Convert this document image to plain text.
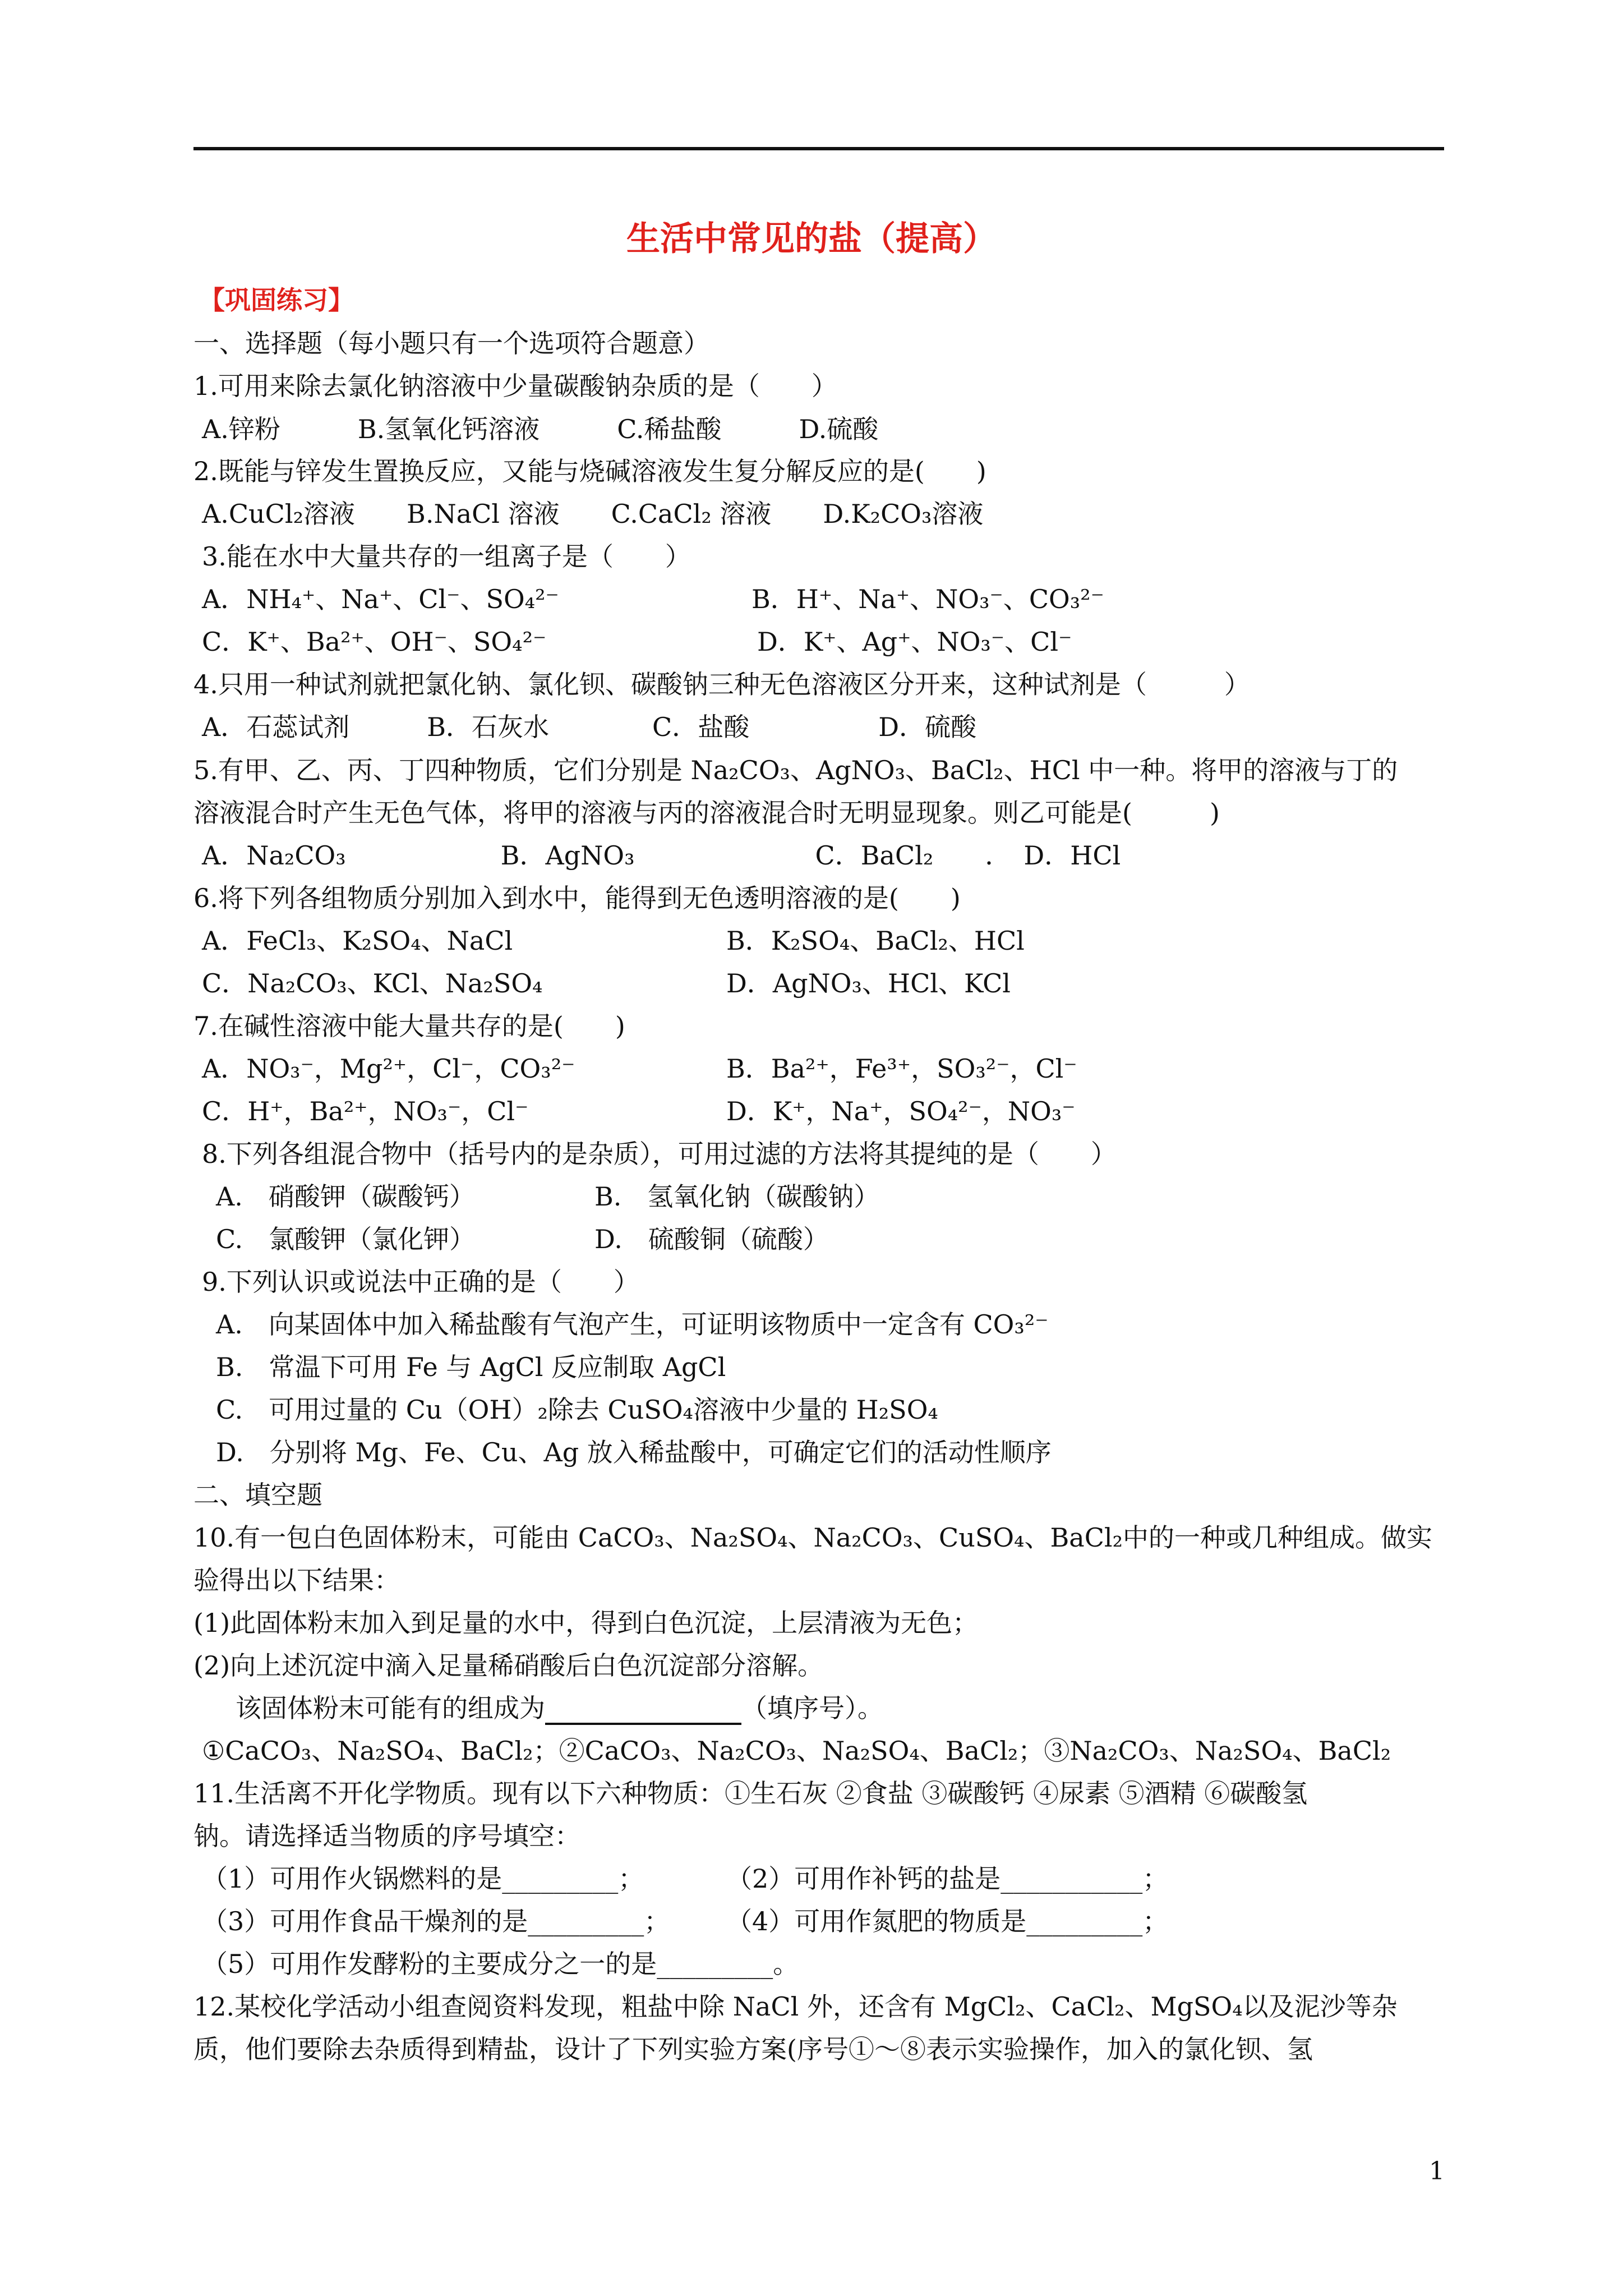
生活中常见的盐（提高）
【巩固练习】
一、选择题（每小题只有一个选项符合题意）
1.可用来除去氯化钠溶液中少量碳酸钠杂质的是（　　）
A.锌粉　　　B.氢氧化钙溶液　　　C.稀盐酸　　　D.硫酸
2.既能与锌发生置换反应，又能与烧碱溶液发生复分解反应的是(　　)
A.CuCl₂溶液　　B.NaCl 溶液　　C.CaCl₂ 溶液　　D.K₂CO₃溶液
3.能在水中大量共存的一组离子是（　　）
A．NH₄⁺、Na⁺、Cl⁻、SO₄²⁻	B．H⁺、Na⁺、NO₃⁻、CO₃²⁻
C．K⁺、Ba²⁺、OH⁻、SO₄²⁻	D．K⁺、Ag⁺、NO₃⁻、Cl⁻
4.只用一种试剂就把氯化钠、氯化钡、碳酸钠三种无色溶液区分开来，这种试剂是（　　　）
A．石蕊试剂　　　B．石灰水　　　　C．盐酸　　　　　D．硫酸
5.有甲、乙、丙、丁四种物质，它们分别是 Na₂CO₃、AgNO₃、BaCl₂、HCl 中一种。将甲的溶液与丁的
溶液混合时产生无色气体，将甲的溶液与丙的溶液混合时无明显现象。则乙可能是(　　　)
A．Na₂CO₃　　　　　　B．AgNO₃　　　　　　　C．BaCl₂　　．　D．HCl
6.将下列各组物质分别加入到水中，能得到无色透明溶液的是(　　)
A．FeCl₃、K₂SO₄、NaCl	B．K₂SO₄、BaCl₂、HCl
C．Na₂CO₃、KCl、Na₂SO₄	D．AgNO₃、HCl、KCl
7.在碱性溶液中能大量共存的是(　　)
A．NO₃⁻，Mg²⁺，Cl⁻，CO₃²⁻	B．Ba²⁺，Fe³⁺，SO₃²⁻，Cl⁻
C．H⁺，Ba²⁺，NO₃⁻，Cl⁻	D．K⁺，Na⁺，SO₄²⁻，NO₃⁻
8.下列各组混合物中（括号内的是杂质），可用过滤的方法将其提纯的是（　　）
A.　硝酸钾（碳酸钙）	B.　氢氧化钠（碳酸钠）
C.　氯酸钾（氯化钾）	D.　硫酸铜（硫酸）
9.下列认识或说法中正确的是（　　）
A.　向某固体中加入稀盐酸有气泡产生，可证明该物质中一定含有 CO₃²⁻
B.　常温下可用 Fe 与 AgCl 反应制取 AgCl
C.　可用过量的 Cu（OH）₂除去 CuSO₄溶液中少量的 H₂SO₄
D.　分别将 Mg、Fe、Cu、Ag 放入稀盐酸中，可确定它们的活动性顺序
二、填空题
10.有一包白色固体粉末，可能由 CaCO₃、Na₂SO₄、Na₂CO₃、CuSO₄、BaCl₂中的一种或几种组成。做实
验得出以下结果：
(1)此固体粉末加入到足量的水中，得到白色沉淀，上层清液为无色；
(2)向上述沉淀中滴入足量稀硝酸后白色沉淀部分溶解。
该固体粉末可能有的组成为	（填序号）。
①CaCO₃、Na₂SO₄、BaCl₂；②CaCO₃、Na₂CO₃、Na₂SO₄、BaCl₂；③Na₂CO₃、Na₂SO₄、BaCl₂
11.生活离不开化学物质。现有以下六种物质：①生石灰 ②食盐 ③碳酸钙 ④尿素 ⑤酒精 ⑥碳酸氢
钠。请选择适当物质的序号填空：
（1）可用作火锅燃料的是_________；	（2）可用作补钙的盐是___________；
（3）可用作食品干燥剂的是_________； （4）可用作氮肥的物质是_________；
（5）可用作发酵粉的主要成分之一的是_________。
12.某校化学活动小组查阅资料发现，粗盐中除 NaCl 外，还含有 MgCl₂、CaCl₂、MgSO₄以及泥沙等杂
质，他们要除去杂质得到精盐，设计了下列实验方案(序号①～⑧表示实验操作，加入的氯化钡、氢
1
